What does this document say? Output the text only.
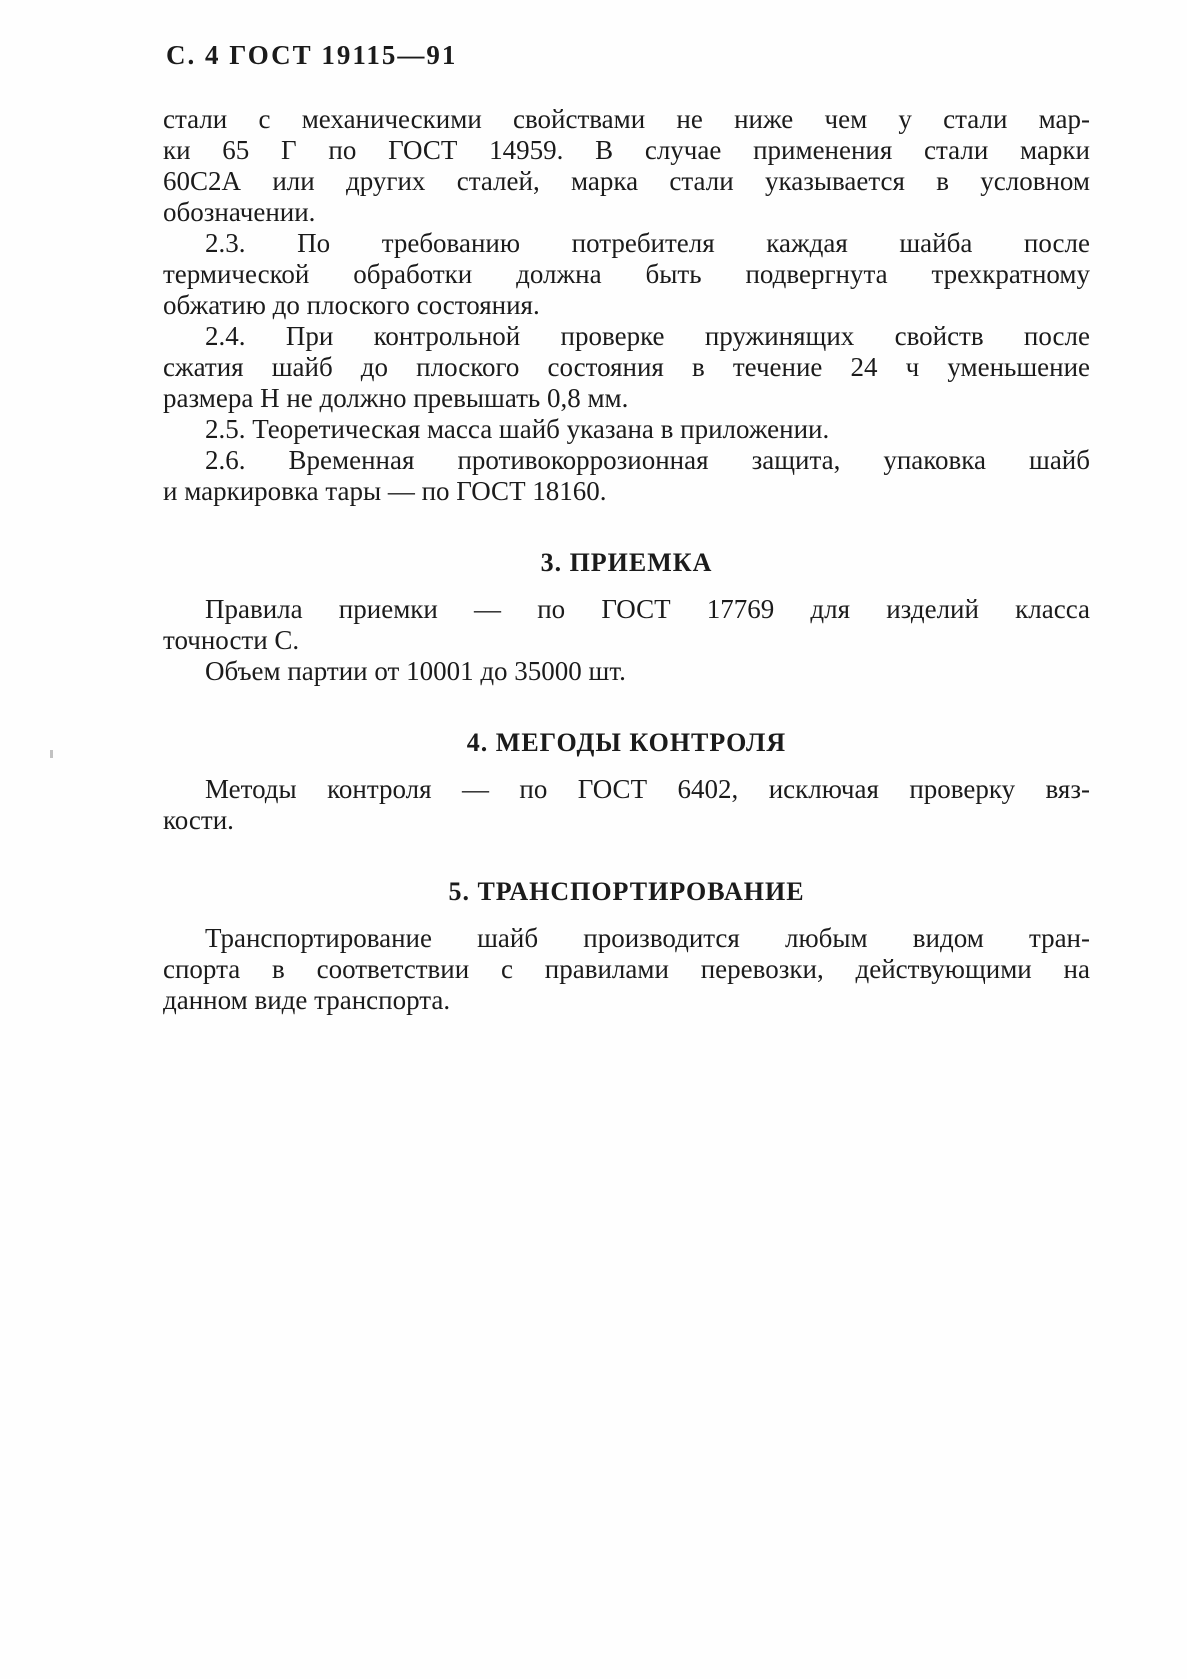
С. 4 ГОСТ 19115—91
стали с механическими свойствами не ниже чем у стали мар-
ки 65 Г по ГОСТ 14959. В случае применения стали марки
60С2А или других сталей, марка стали указывается в условном
обозначении.
2.3. По требованию потребителя каждая шайба после
термической обработки должна быть подвергнута трехкратному
обжатию до плоского состояния.
2.4. При контрольной проверке пружинящих свойств после
сжатия шайб до плоского состояния в течение 24 ч уменьшение
размера Н не должно превышать 0,8 мм.
2.5. Теоретическая масса шайб указана в приложении.
2.6. Временная противокоррозионная защита, упаковка шайб
и маркировка тары — по ГОСТ 18160.
3. ПРИЕМКА
Правила приемки — по ГОСТ 17769 для изделий класса
точности С.
Объем партии от 10001 до 35000 шт.
4. МЕГОДЫ КОНТРОЛЯ
Методы контроля — по ГОСТ 6402, исключая проверку вяз-
кости.
5. ТРАНСПОРТИРОВАНИЕ
Транспортирование шайб производится любым видом тран-
спорта в соответствии с правилами перевозки, действующими на
данном виде транспорта.
